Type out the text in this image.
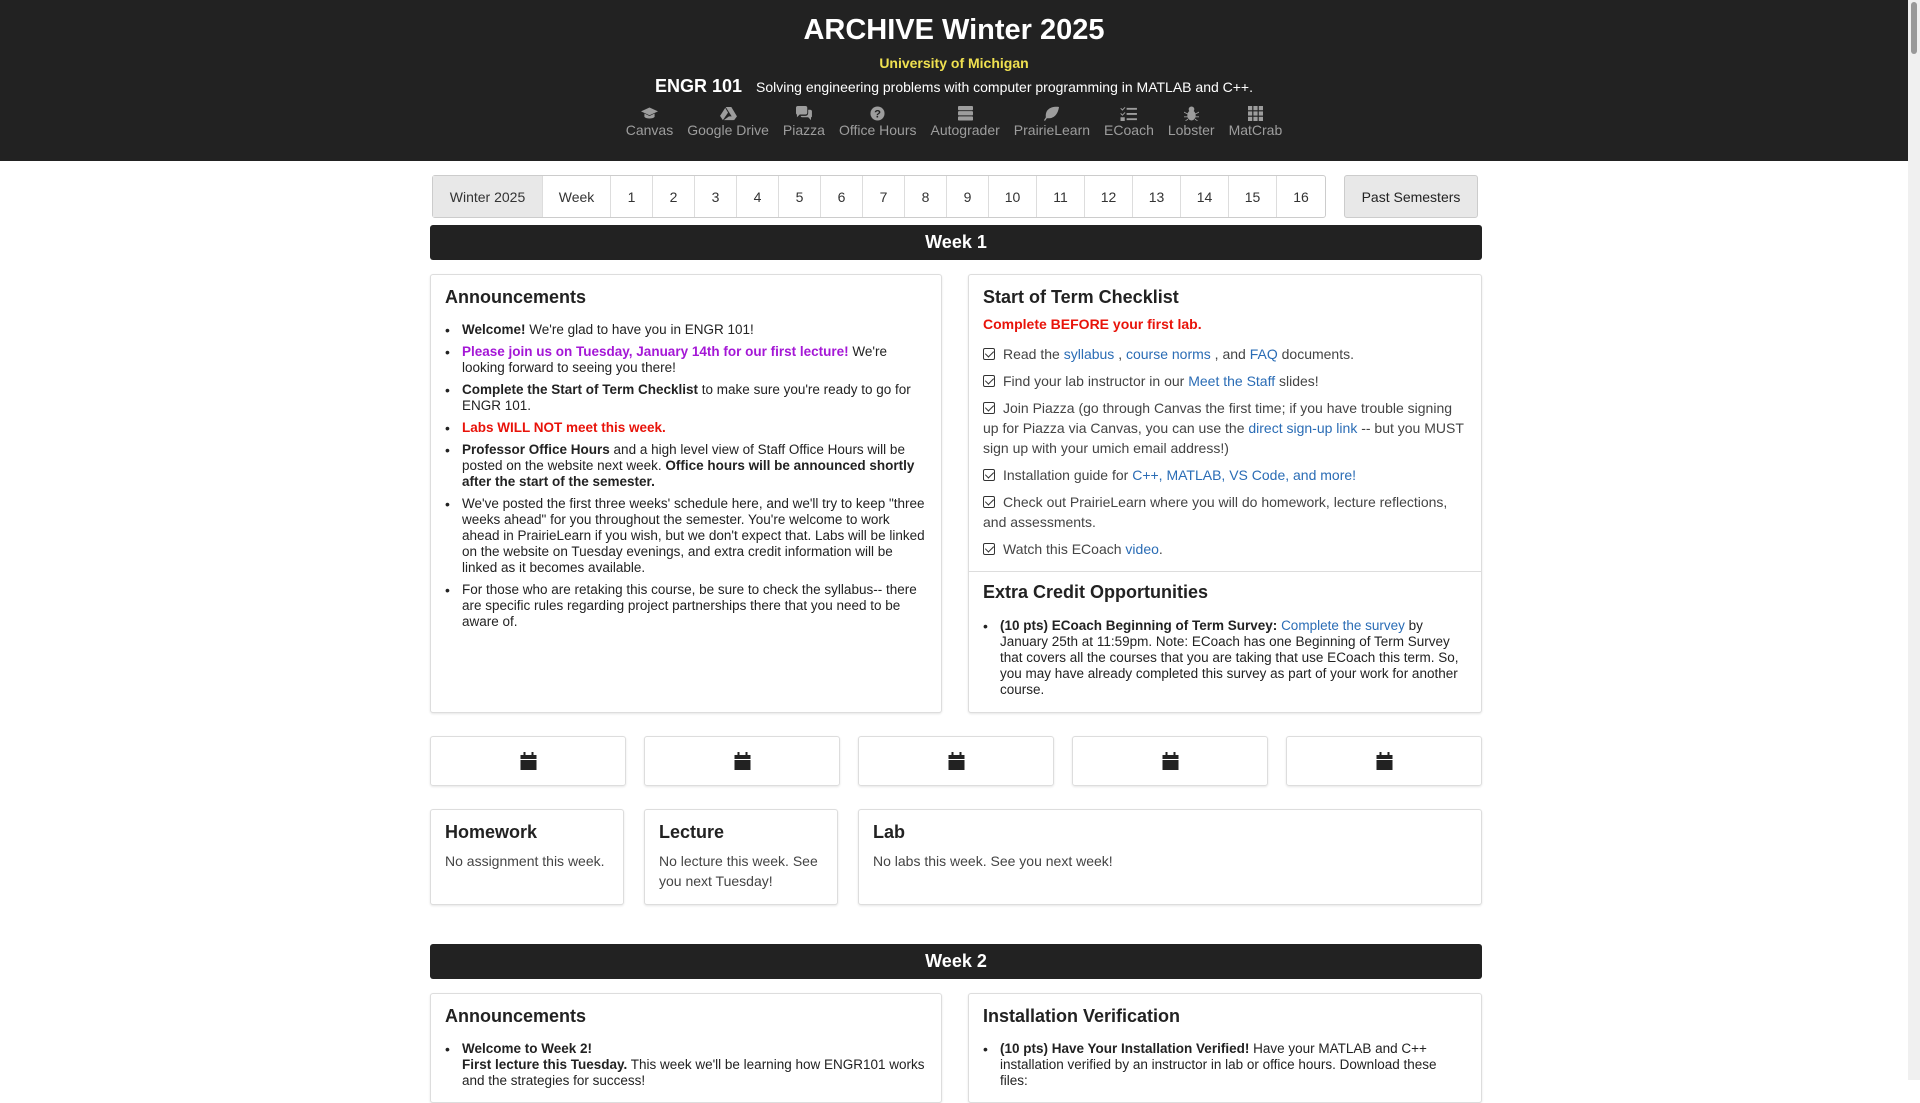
ARCHIVE Winter 2025
University of Michigan
ENGR 101 Solving engineering problems with computer programming in MATLAB and C++.
Canvas Google Drive Piazza
?
Office Hours Autograder PrairieLearn ECoach Lobster MatCrab
Winter 2025	Week	1	2	3	4	5	6	7	8	9	10	11	12	13	14	15	16	Past Semesters
Week 1
Announcements
• Welcome! We're glad to have you in ENGR 101!
• Please join us on Tuesday, January 14th for our first lecture! We're looking forward to seeing you there!
• Complete the Start of Term Checklist to make sure you're ready to go for ENGR 101.
• Labs WILL NOT meet this week.
• Professor Office Hours and a high level view of Staff Office Hours will be posted on the website next week. Office hours will be announced shortly after the start of the semester.
• We've posted the first three weeks' schedule here, and we'll try to keep "three weeks ahead" for you throughout the semester. You're welcome to work ahead in PrairieLearn if you wish, but we don't expect that. Labs will be linked on the website on Tuesday evenings, and extra credit information will be linked as it becomes available.
• For those who are retaking this course, be sure to check the syllabus-- there are specific rules regarding project partnerships there that you need to be aware of.
Start of Term Checklist
Complete BEFORE your first lab.
Read the syllabus , course norms , and FAQ documents.
Find your lab instructor in our Meet the Staff slides!
Join Piazza (go through Canvas the first time; if you have trouble signing up for Piazza via Canvas, you can use the direct sign-up link -- but you MUST sign up with your umich email address!)
Installation guide for C++, MATLAB, VS Code, and more!
Check out PrairieLearn where you will do homework, lecture reflections, and assessments.
Watch this ECoach video.
Extra Credit Opportunities
• (10 pts) ECoach Beginning of Term Survey: Complete the survey by January 25th at 11:59pm. Note: ECoach has one Beginning of Term Survey that covers all the courses that you are taking that use ECoach this term. So, you may have already completed this survey as part of your work for another course.
Homework

No assignment this week.

Lecture

No lecture this week. See you next Tuesday!

Lab

No labs this week. See you next week!

Week 2
Announcements
• Welcome to Week 2!
First lecture this Tuesday. This week we'll be learning how ENGR101 works and the strategies for success!
Installation Verification
• (10 pts) Have Your Installation Verified! Have your MATLAB and C++ installation verified by an instructor in lab or office hours. Download these files:
